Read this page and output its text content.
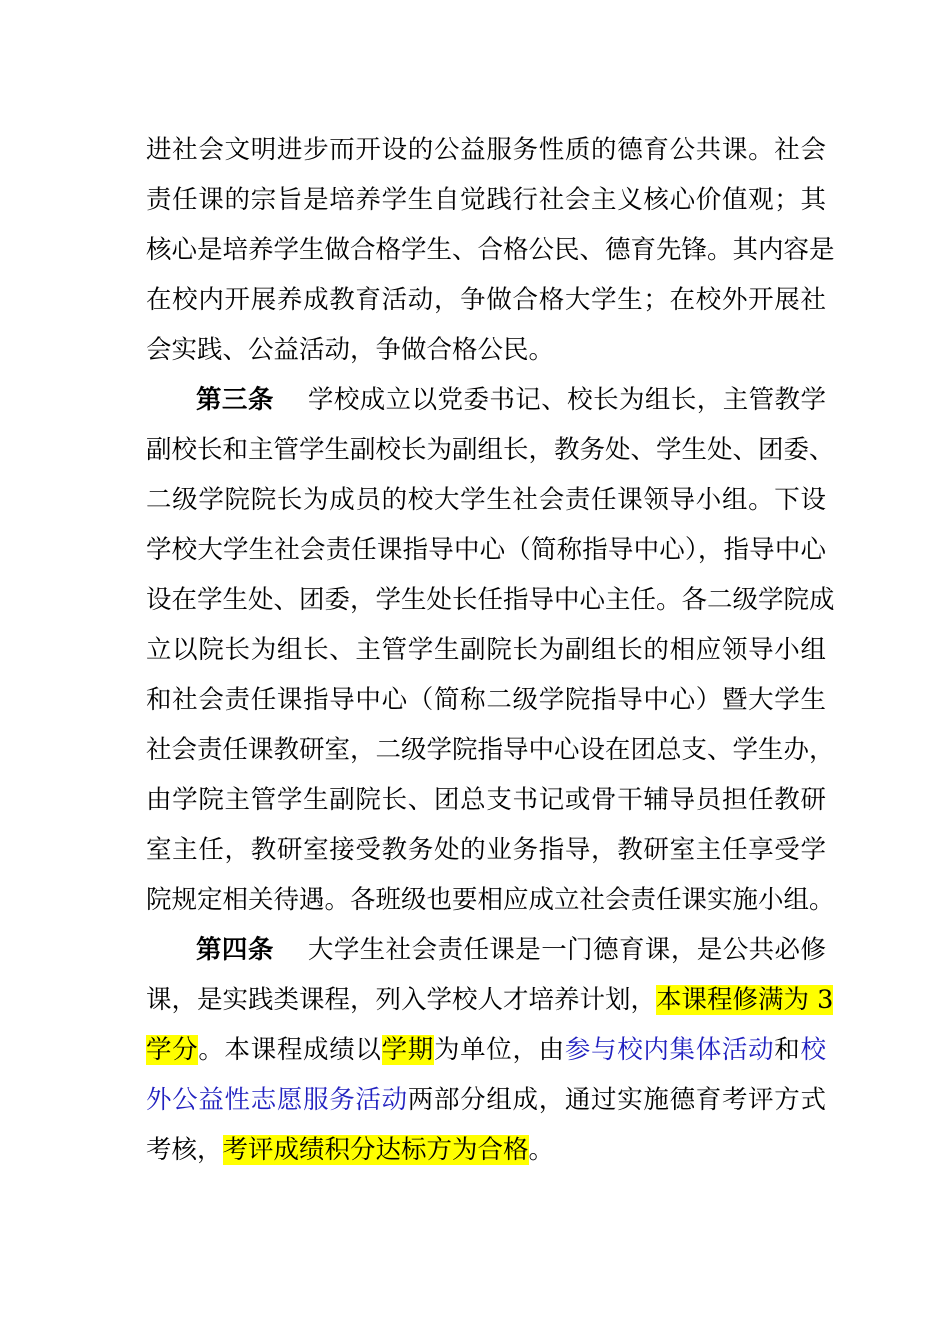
进社会文明进步而开设的公益服务性质的德育公共课。社会
责任课的宗旨是培养学生自觉践行社会主义核心价值观；其
核心是培养学生做合格学生、合格公民、德育先锋。其内容是
在校内开展养成教育活动，争做合格大学生；在校外开展社
会实践、公益活动，争做合格公民。
第三条 学校成立以党委书记、校长为组长，主管教学
副校长和主管学生副校长为副组长，教务处、学生处、团委、
二级学院院长为成员的校大学生社会责任课领导小组。下设
学校大学生社会责任课指导中心（简称指导中心），指导中心
设在学生处、团委，学生处长任指导中心主任。各二级学院成
立以院长为组长、主管学生副院长为副组长的相应领导小组
和社会责任课指导中心（简称二级学院指导中心）暨大学生
社会责任课教研室，二级学院指导中心设在团总支、学生办，
由学院主管学生副院长、团总支书记或骨干辅导员担任教研
室主任，教研室接受教务处的业务指导，教研室主任享受学
院规定相关待遇。各班级也要相应成立社会责任课实施小组。
第四条 大学生社会责任课是一门德育课，是公共必修
课，是实践类课程，列入学校人才培养计划，本课程修满为 3
学分。本课程成绩以学期为单位，由参与校内集体活动和校
外公益性志愿服务活动两部分组成，通过实施德育考评方式
考核，考评成绩积分达标方为合格。
